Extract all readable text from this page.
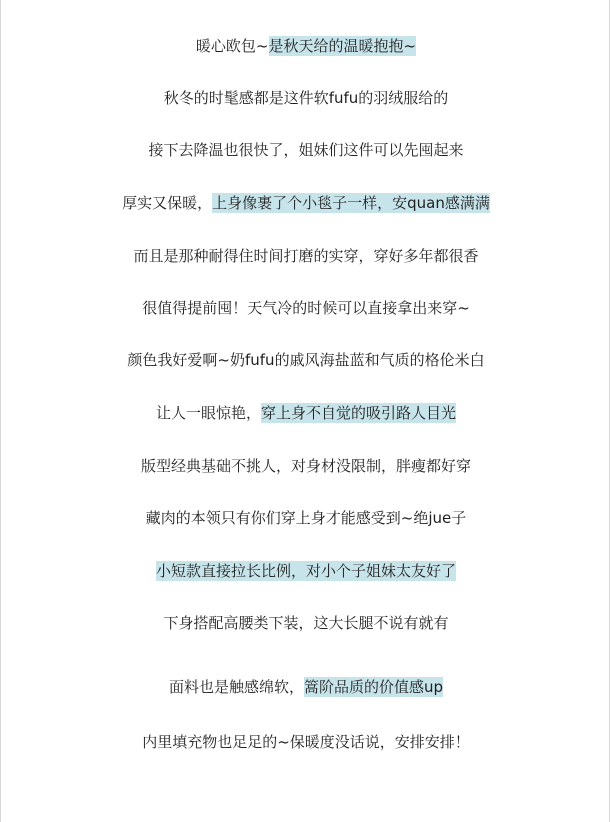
暖心欧包~是秋天给的温暖抱抱~
秋冬的时髦感都是这件软fufu的羽绒服给的
接下去降温也很快了，姐妹们这件可以先囤起来
厚实又保暖，上身像裹了个小毯子一样，安quan感满满
而且是那种耐得住时间打磨的实穿，穿好多年都很香
很值得提前囤！天气冷的时候可以直接拿出来穿~
颜色我好爱啊~奶fufu的戚风海盐蓝和气质的格伦米白
让人一眼惊艳，穿上身不自觉的吸引路人目光
版型经典基础不挑人，对身材没限制，胖瘦都好穿
藏肉的本领只有你们穿上身才能感受到~绝jue子
小短款直接拉长比例，对小个子姐妹太友好了
下身搭配高腰类下装，这大长腿不说有就有
面料也是触感绵软，篙阶品质的价值感up
内里填充物也足足的~保暖度没话说，安排安排！
